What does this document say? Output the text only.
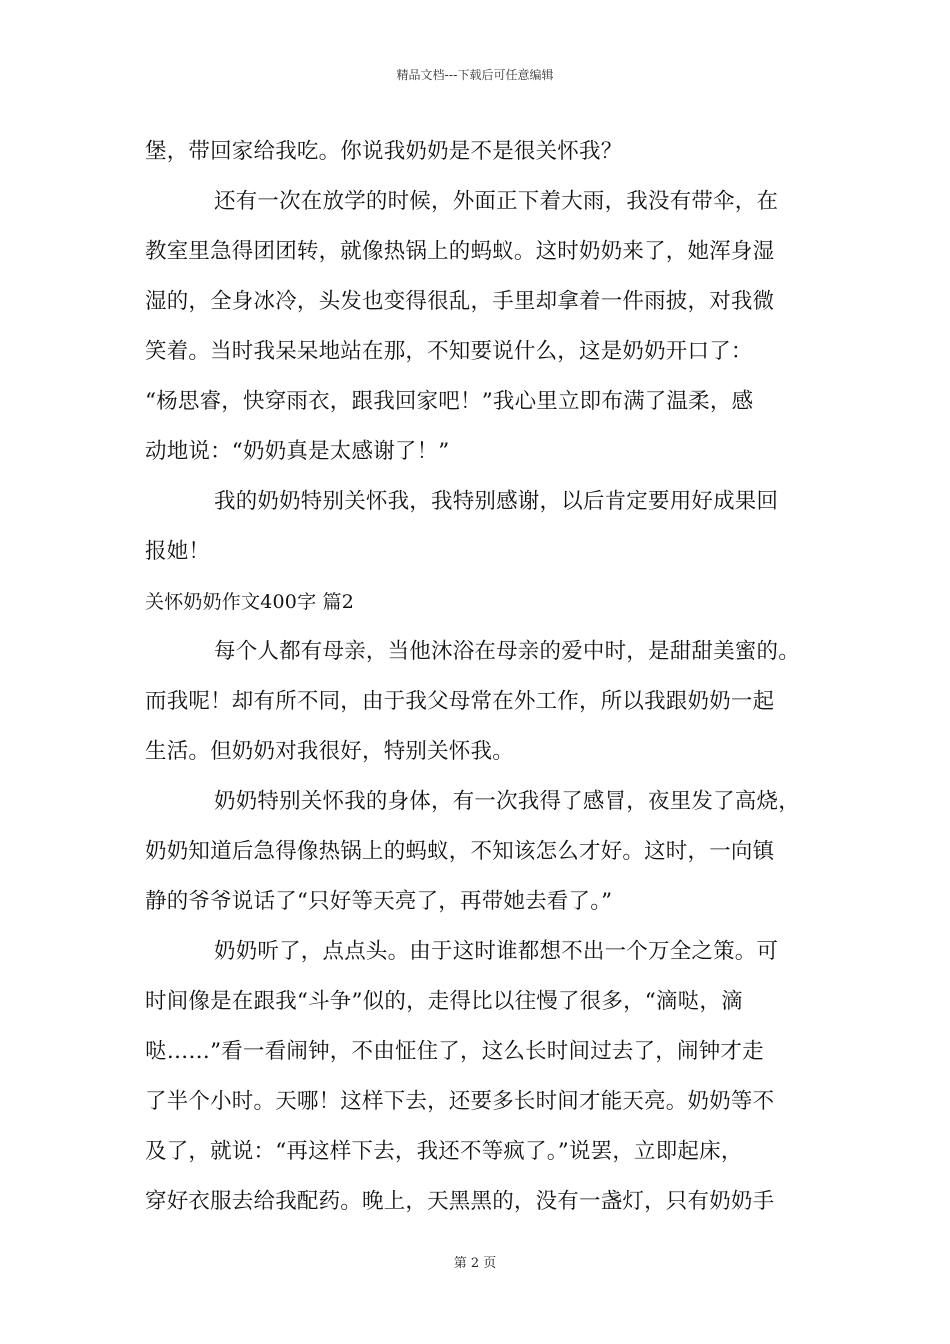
精品文档---下载后可任意编辑
堡，带回家给我吃。你说我奶奶是不是很关怀我？
还有一次在放学的时候，外面正下着大雨，我没有带伞，在
教室里急得团团转，就像热锅上的蚂蚁。这时奶奶来了，她浑身湿
湿的，全身冰冷，头发也变得很乱，手里却拿着一件雨披，对我微
笑着。当时我呆呆地站在那，不知要说什么，这是奶奶开口了：
“杨思睿，快穿雨衣，跟我回家吧！”我心里立即布满了温柔，感
动地说：“奶奶真是太感谢了！”
我的奶奶特别关怀我，我特别感谢，以后肯定要用好成果回
报她！
关怀奶奶作文400字 篇2
每个人都有母亲，当他沐浴在母亲的爱中时，是甜甜美蜜的。
而我呢！却有所不同，由于我父母常在外工作，所以我跟奶奶一起
生活。但奶奶对我很好，特别关怀我。
奶奶特别关怀我的身体，有一次我得了感冒，夜里发了高烧，
奶奶知道后急得像热锅上的蚂蚁，不知该怎么才好。这时，一向镇
静的爷爷说话了“只好等天亮了，再带她去看了。”
奶奶听了，点点头。由于这时谁都想不出一个万全之策。可
时间像是在跟我“斗争”似的，走得比以往慢了很多，“滴哒，滴
哒……”看一看闹钟，不由怔住了，这么长时间过去了，闹钟才走
了半个小时。天哪！这样下去，还要多长时间才能天亮。奶奶等不
及了，就说：“再这样下去，我还不等疯了。”说罢，立即起床，
穿好衣服去给我配药。晚上，天黑黑的，没有一盏灯，只有奶奶手
第 2 页
